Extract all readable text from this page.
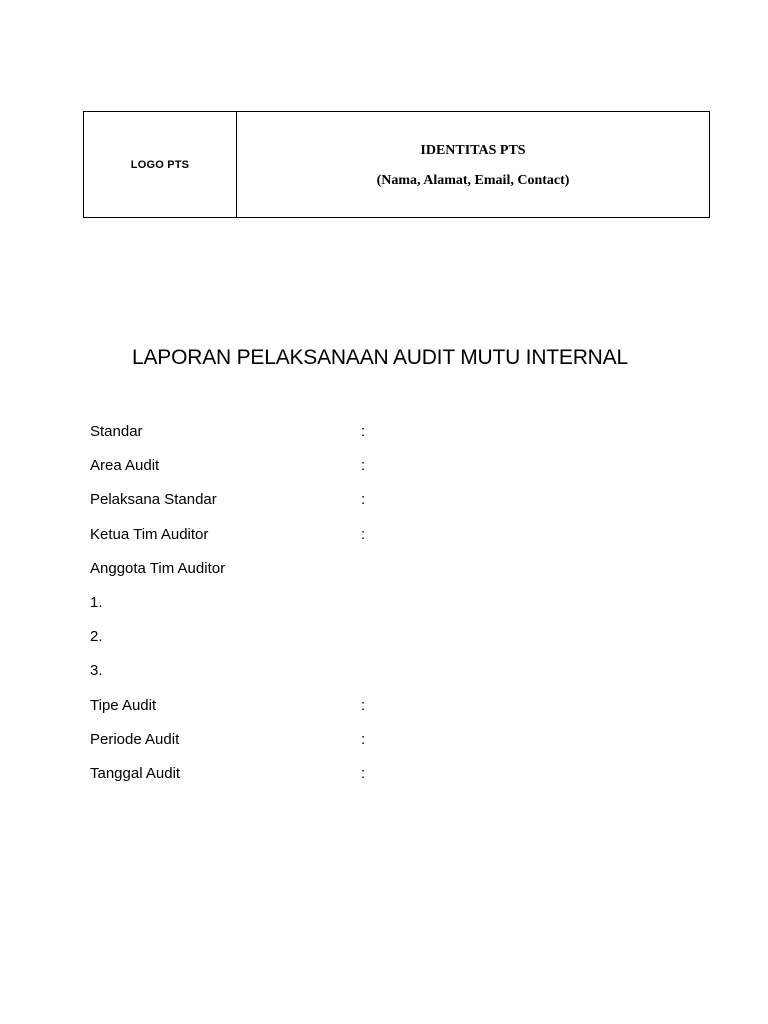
LOGO PTS
IDENTITAS PTS
(Nama, Alamat, Email, Contact)
LAPORAN PELAKSANAAN AUDIT MUTU INTERNAL
Standar	:
Area Audit	:
Pelaksana Standar	:
Ketua Tim Auditor	:
Anggota Tim Auditor
1.
2.
3.
Tipe Audit	:
Periode Audit	:
Tanggal Audit	:
